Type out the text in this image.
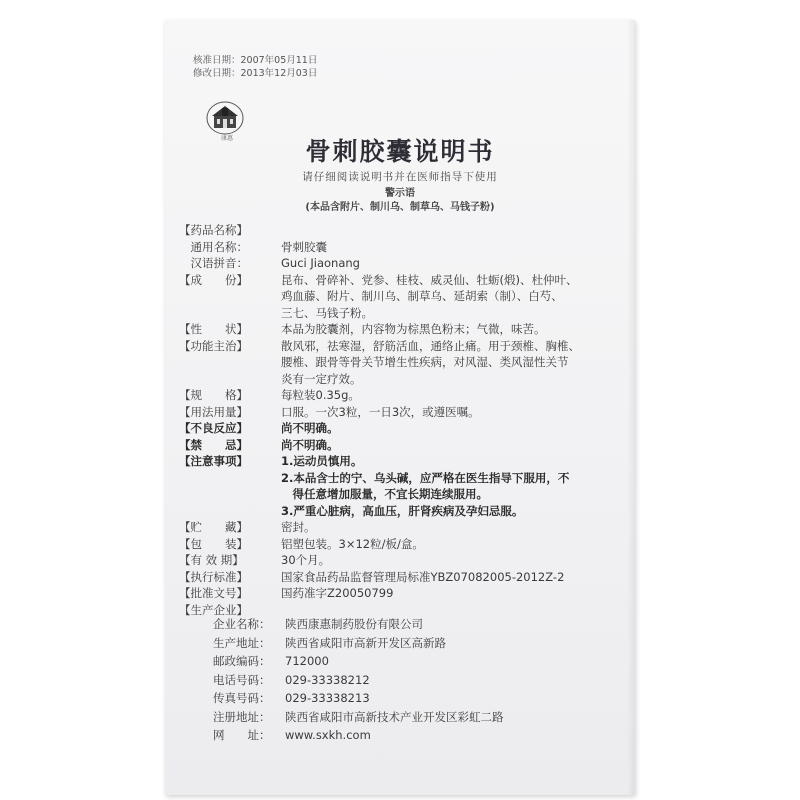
核准日期：2007年05月11日
修改日期：2013年12月03日
康惠	骨刺胶囊说明书
请仔细阅读说明书并在医师指导下使用
警示语
(本品含附片、制川乌、制草乌、马钱子粉)
【药品名称】
　通用名称：	骨刺胶囊
　汉语拼音：	Guci Jiaonang
【成　　份】	昆布、骨碎补、党参、桂枝、威灵仙、牡蛎(煅)、杜仲叶、
鸡血藤、附片、制川乌、制草乌、延胡索（制）、白芍、
三七、马钱子粉。
【性　　状】	本品为胶囊剂，内容物为棕黑色粉末；气微，味苦。
【功能主治】	散风邪，祛寒湿，舒筋活血，通络止痛。用于颈椎、胸椎、
腰椎、跟骨等骨关节增生性疾病，对风湿、类风湿性关节
炎有一定疗效。
【规　　格】	每粒装0.35g。
【用法用量】	口服。一次3粒，一日3次，或遵医嘱。
【不良反应】	尚不明确。
【禁　　忌】	尚不明确。
【注意事项】	1.运动员慎用。
2.本品含士的宁、乌头碱，应严格在医生指导下服用，不
　得任意增加服量，不宜长期连续服用。
3.严重心脏病，高血压，肝肾疾病及孕妇忌服。
【贮　　藏】	密封。
【包　　装】	铝塑包装。3×12粒/板/盒。
【有 效 期】	30个月。
【执行标准】	国家食品药品监督管理局标准YBZ07082005-2012Z-2
【批准文号】	国药准字Z20050799
【生产企业】
企业名称：	陕西康惠制药股份有限公司
生产地址：	陕西省咸阳市高新开发区高新路
邮政编码：	712000
电话号码：	029-33338212
传真号码：	029-33338213
注册地址：	陕西省咸阳市高新技术产业开发区彩虹二路
网　　址：	www.sxkh.com
